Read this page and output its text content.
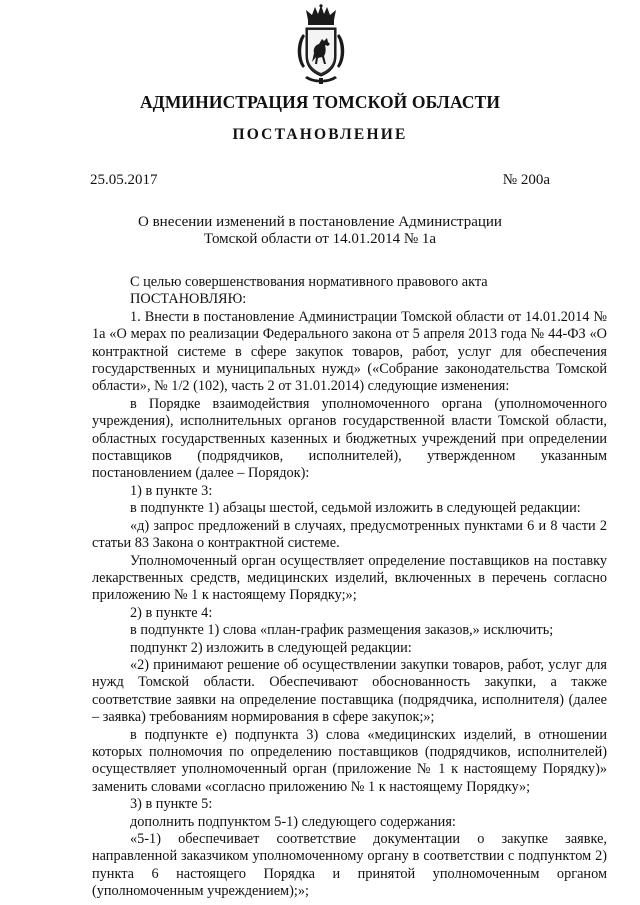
АДМИНИСТРАЦИЯ ТОМСКОЙ ОБЛАСТИ
ПОСТАНОВЛЕНИЕ
25.05.2017	№ 200а
О внесении изменений в постановление Администрации
Томской области от 14.01.2014 № 1а

С целью совершенствования нормативного правового акта

ПОСТАНОВЛЯЮ:

1. Внести в постановление Администрации Томской области от 14.01.2014 № 1а «О мерах по реализации Федерального закона от 5 апреля 2013 года № 44-ФЗ «О контрактной системе в сфере закупок товаров, работ, услуг для обеспечения государственных и муниципальных нужд» («Собрание законодательства Томской области», № 1/2 (102), часть 2 от 31.01.2014) следующие изменения:

в Порядке взаимодействия уполномоченного органа (уполномоченного учреждения), исполнительных органов государственной власти Томской области, областных государственных казенных и бюджетных учреждений при определении поставщиков (подрядчиков, исполнителей), утвержденном указанным постановлением (далее – Порядок):

1) в пункте 3:

в подпункте 1) абзацы шестой, седьмой изложить в следующей редакции:

«д) запрос предложений в случаях, предусмотренных пунктами 6 и 8 части 2 статьи 83 Закона о контрактной системе.

Уполномоченный орган осуществляет определение поставщиков на поставку лекарственных средств, медицинских изделий, включенных в перечень согласно приложению № 1 к настоящему Порядку;»;

2) в пункте 4:

в подпункте 1) слова «план-график размещения заказов,» исключить;

подпункт 2) изложить в следующей редакции:

«2) принимают решение об осуществлении закупки товаров, работ, услуг для нужд Томской области. Обеспечивают обоснованность закупки, а также соответствие заявки на определение поставщика (подрядчика, исполнителя) (далее – заявка) требованиям нормирования в сфере закупок;»;

в подпункте е) подпункта 3) слова «медицинских изделий, в отношении которых полномочия по определению поставщиков (подрядчиков, исполнителей) осуществляет уполномоченный орган (приложение № 1 к настоящему Порядку)» заменить словами «согласно приложению № 1 к настоящему Порядку»;

3) в пункте 5:

дополнить подпунктом 5-1) следующего содержания:

«5-1) обеспечивает соответствие документации о закупке заявке, направленной заказчиком уполномоченному органу в соответствии с подпунктом 2) пункта 6 настоящего Порядка и принятой уполномоченным органом (уполномоченным учреждением);»;
